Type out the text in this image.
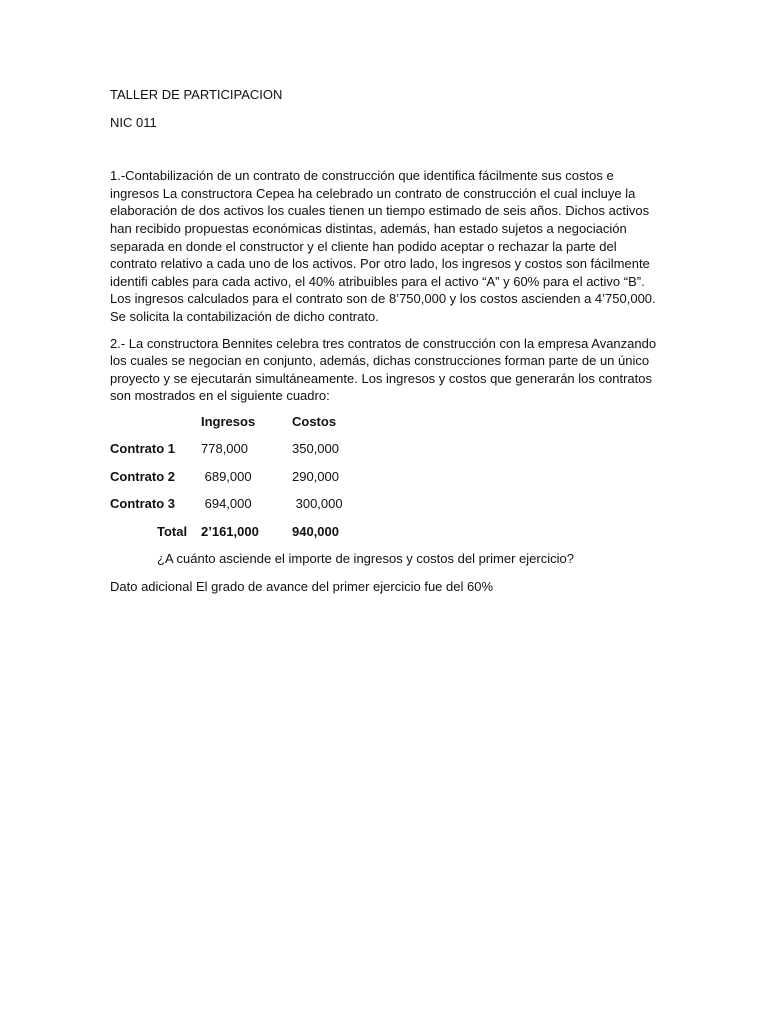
TALLER DE PARTICIPACION

NIC 011

1.-Contabilización de un contrato de construcción que identifica fácilmente sus costos e
ingresos La constructora Cepea ha celebrado un contrato de construcción el cual incluye la
elaboración de dos activos los cuales tienen un tiempo estimado de seis años. Dichos activos
han recibido propuestas económicas distintas, además, han estado sujetos a negociación
separada en donde el constructor y el cliente han podido aceptar o rechazar la parte del
contrato relativo a cada uno de los activos. Por otro lado, los ingresos y costos son fácilmente
identifi cables para cada activo, el 40% atribuibles para el activo “A” y 60% para el activo “B”.
Los ingresos calculados para el contrato son de 8’750,000 y los costos ascienden a 4’750,000.
Se solicita la contabilización de dicho contrato.
2.- La constructora Bennites celebra tres contratos de construcción con la empresa Avanzando
los cuales se negocian en conjunto, además, dichas construcciones forman parte de un único
proyecto y se ejecutarán simultáneamente. Los ingresos y costos que generarán los contratos
son mostrados en el siguiente cuadro:
Ingresos	Costos
Contrato 1 778,000	350,000
Contrato 2 689,000	290,000
Contrato 3 694,000	300,000
Total 2’161,000	940,000

¿A cuánto asciende el importe de ingresos y costos del primer ejercicio?

Dato adicional El grado de avance del primer ejercicio fue del 60%
